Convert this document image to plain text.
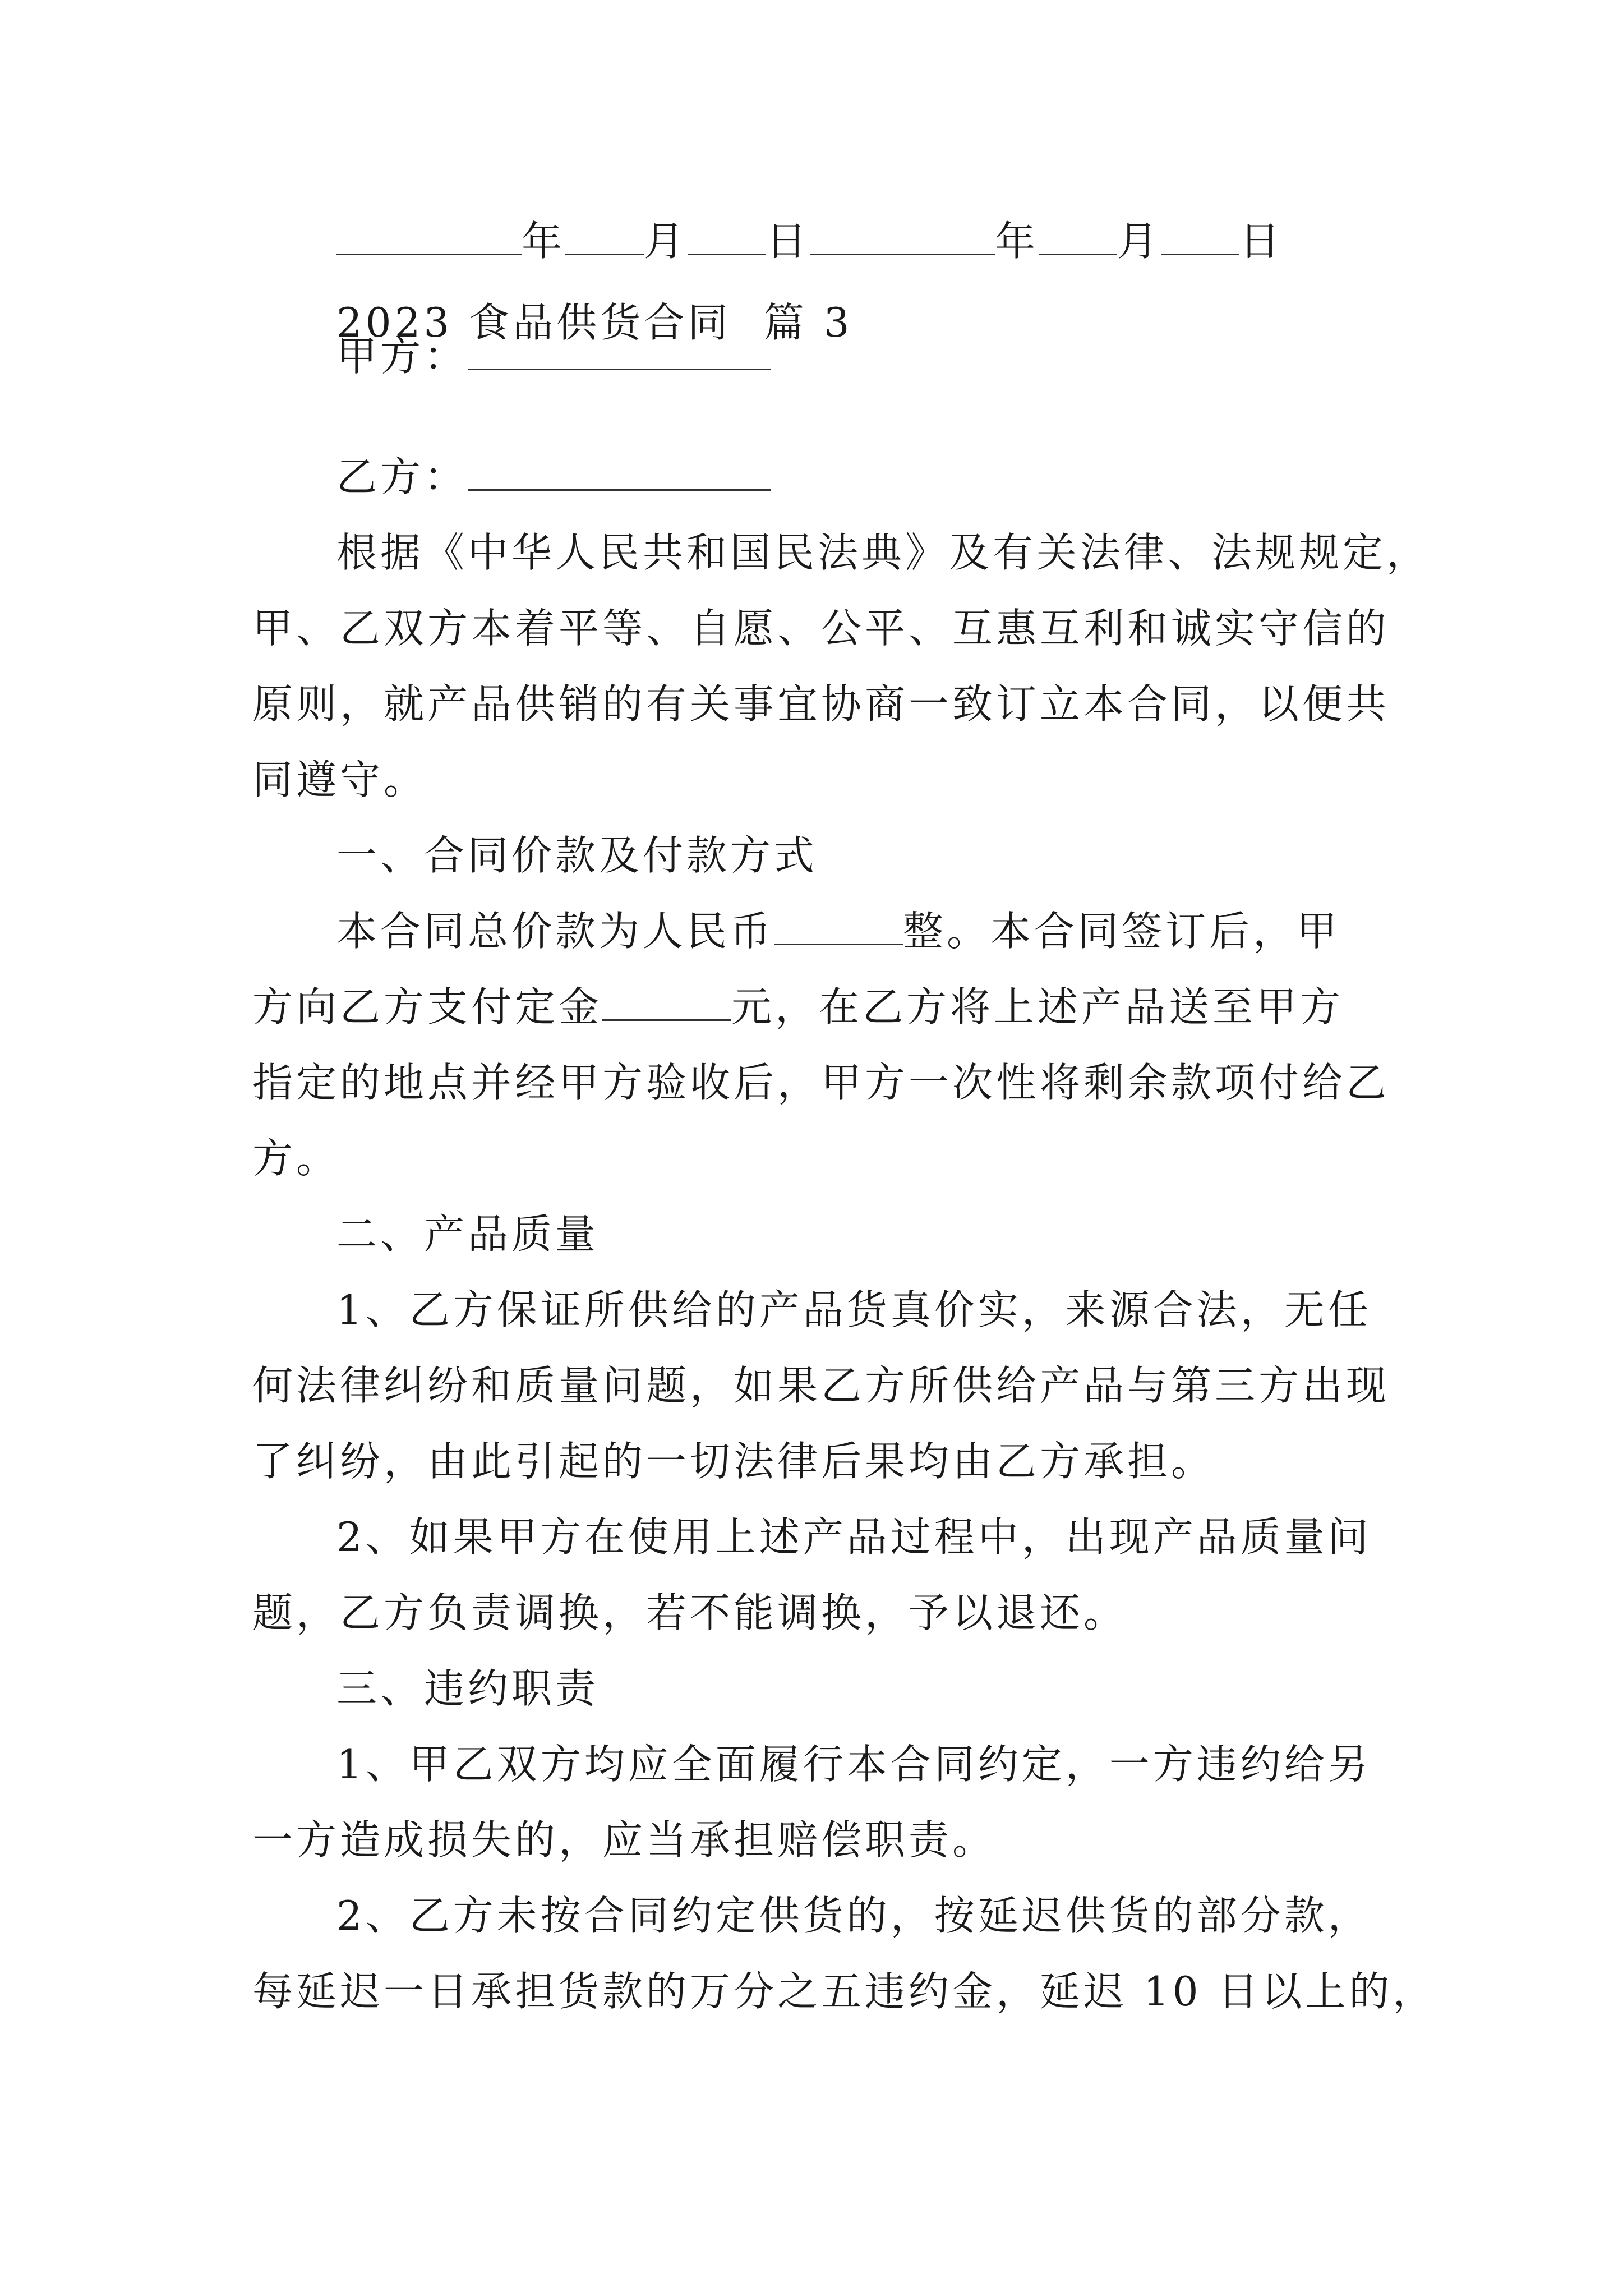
年 月 日	年 月 日
2023 食品供货合同  篇 3
甲方：
乙方：
根据《中华人民共和国民法典》及有关法律、法规规定，
甲、乙双方本着平等、自愿、公平、互惠互利和诚实守信的
原则，就产品供销的有关事宜协商一致订立本合同，以便共
同遵守。
一、合同价款及付款方式
本合同总价款为人民币	整。本合同签订后，甲
方向乙方支付定金	元，在乙方将上述产品送至甲方
指定的地点并经甲方验收后，甲方一次性将剩余款项付给乙
方。
二、产品质量
1、乙方保证所供给的产品货真价实，来源合法，无任
何法律纠纷和质量问题，如果乙方所供给产品与第三方出现
了纠纷，由此引起的一切法律后果均由乙方承担。
2、如果甲方在使用上述产品过程中，出现产品质量问
题，乙方负责调换，若不能调换，予以退还。
三、违约职责
1、甲乙双方均应全面履行本合同约定，一方违约给另
一方造成损失的，应当承担赔偿职责。
2、乙方未按合同约定供货的，按延迟供货的部分款，
每延迟一日承担货款的万分之五违约金，延迟 10 日以上的，
